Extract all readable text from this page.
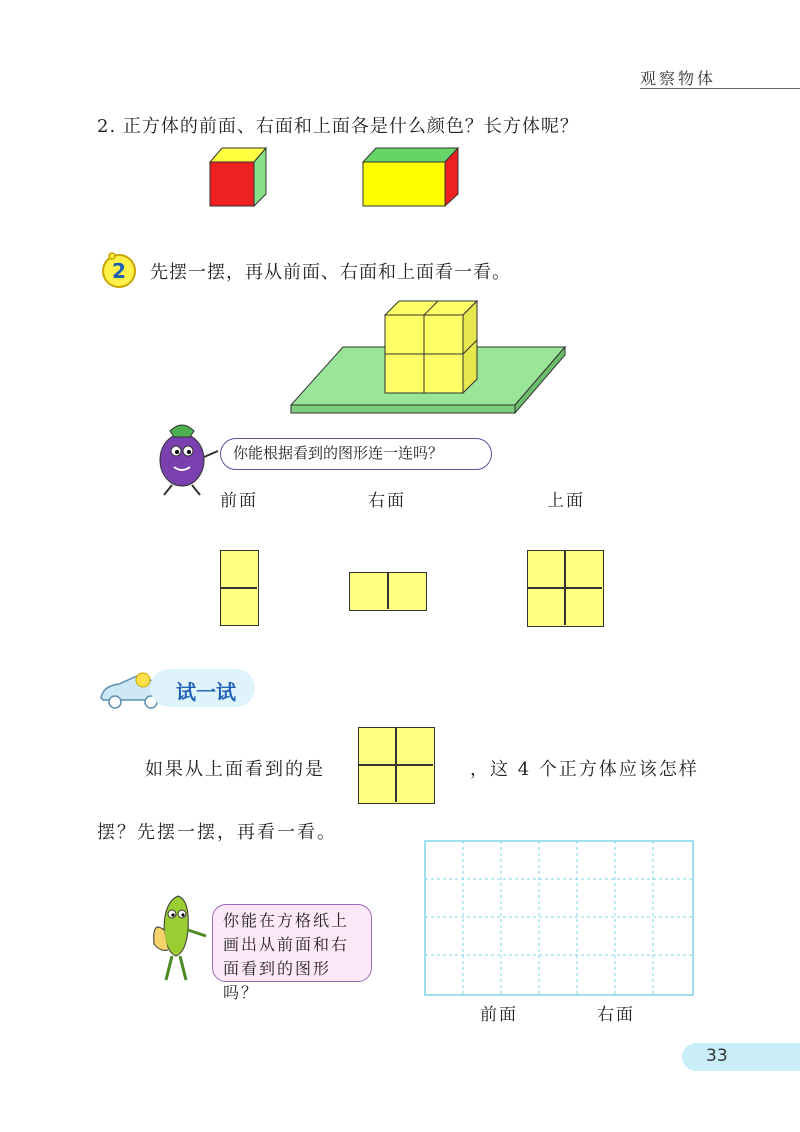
观察物体
2. 正方体的前面、右面和上面各是什么颜色？长方体呢？
2 先摆一摆，再从前面、右面和上面看一看。
你能根据看到的图形连一连吗？
前面	右面	上面
试一试
如果从上面看到的是	，这 4 个正方体应该怎样
摆？先摆一摆，再看一看。
前面	右面
你能在方格纸上
画出从前面和右
面看到的图形吗？
33
